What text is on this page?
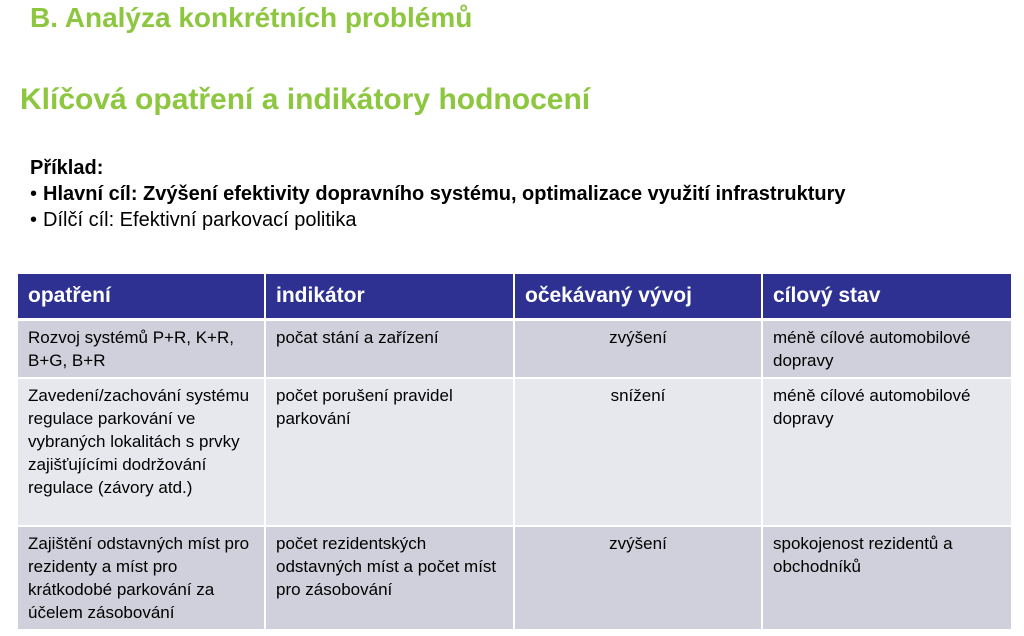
B. Analýza konkrétních problémů
Klíčová opatření a indikátory hodnocení
Příklad:
• Hlavní cíl: Zvýšení efektivity dopravního systému, optimalizace využití infrastruktury
• Dílčí cíl: Efektivní parkovací politika
opatření	indikátor	očekávaný vývoj	cílový stav
Rozvoj systémů P+R, K+R, B+G, B+R	počat stání a zařízení	zvýšení	méně cílové automobilové dopravy
Zavedení/zachování systému regulace parkování ve vybraných lokalitách s prvky zajišťujícími dodržování regulace (závory atd.)	počet porušení pravidel parkování	snížení	méně cílové automobilové dopravy
Zajištění odstavných míst pro rezidenty a míst pro krátkodobé parkování za účelem zásobování	počet rezidentských odstavných míst a počet míst pro zásobování	zvýšení	spokojenost rezidentů a obchodníků
